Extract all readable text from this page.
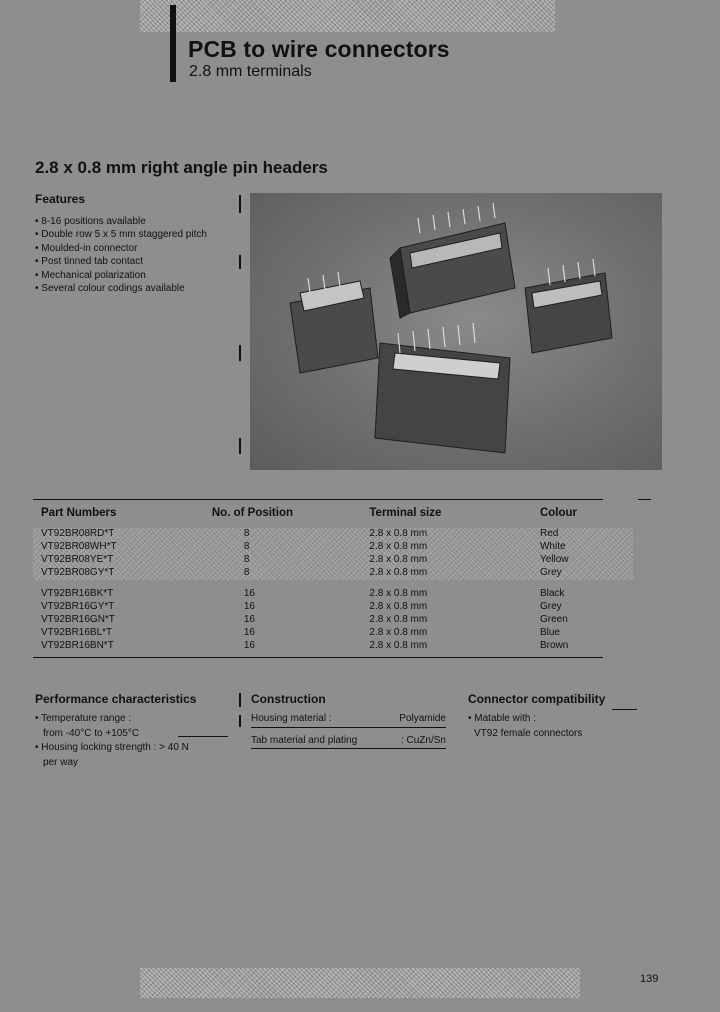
PCB to wire connectors
2.8 mm terminals
2.8 x 0.8 mm right angle pin headers
Features
• 8-16 positions available
• Double row 5 x 5 mm staggered pitch
• Moulded-in connector
• Post tinned tab contact
• Mechanical polarization
• Several colour codings available
Part Numbers	No. of Position	Terminal size	Colour
VT92BR08RD*T	8	2.8 x 0.8 mm	Red
VT92BR08WH*T	8	2.8 x 0.8 mm	White
VT92BR08YE*T	8	2.8 x 0.8 mm	Yellow
VT92BR08GY*T	8	2.8 x 0.8 mm	Grey

VT92BR16BK*T	16	2.8 x 0.8 mm	Black
VT92BR16GY*T	16	2.8 x 0.8 mm	Grey
VT92BR16GN*T	16	2.8 x 0.8 mm	Green
VT92BR16BL*T	16	2.8 x 0.8 mm	Blue
VT92BR16BN*T	16	2.8 x 0.8 mm	Brown
Performance characteristics
• Temperature range :
from -40°C to +105°C
• Housing locking strength : > 40 N
per way
Construction
Housing material :	Polyamide
Tab material and plating	: CuZn/Sn
Connector compatibility
• Matable with :
VT92 female connectors
139
